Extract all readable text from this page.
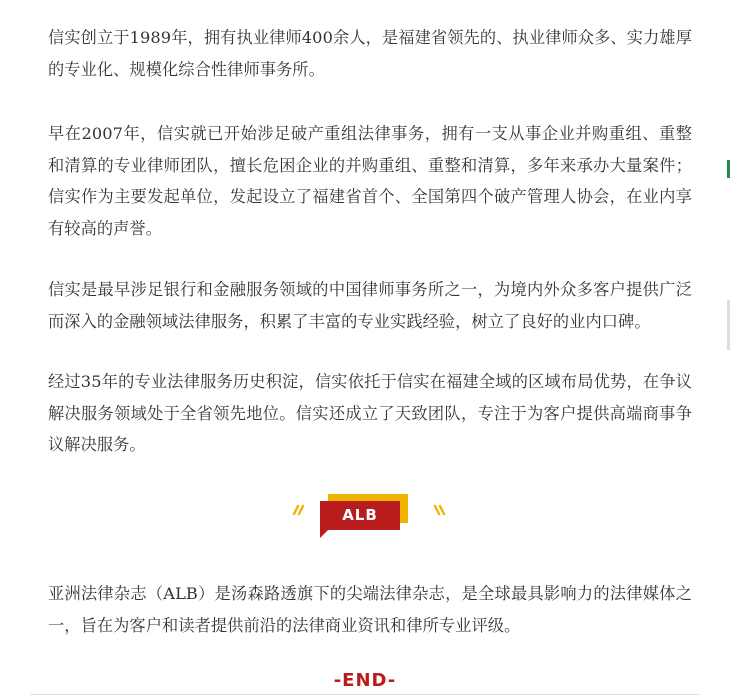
信实创立于1989年，拥有执业律师400余人，是福建省领先的、执业律师众多、实力雄厚的专业化、规模化综合性律师事务所。

早在2007年，信实就已开始涉足破产重组法律事务，拥有一支从事企业并购重组、重整和清算的专业律师团队，擅长危困企业的并购重组、重整和清算，多年来承办大量案件；信实作为主要发起单位，发起设立了福建省首个、全国第四个破产管理人协会，在业内享有较高的声誉。

信实是最早涉足银行和金融服务领域的中国律师事务所之一，为境内外众多客户提供广泛而深入的金融领域法律服务，积累了丰富的专业实践经验，树立了良好的业内口碑。

经过35年的专业法律服务历史积淀，信实依托于信实在福建全域的区域布局优势，在争议解决服务领域处于全省领先地位。信实还成立了天致团队，专注于为客户提供高端商事争议解决服务。

亚洲法律杂志（ALB）是汤森路透旗下的尖端法律杂志，是全球最具影响力的法律媒体之一，旨在为客户和读者提供前沿的法律商业资讯和律所专业评级。

ALB
-END-
